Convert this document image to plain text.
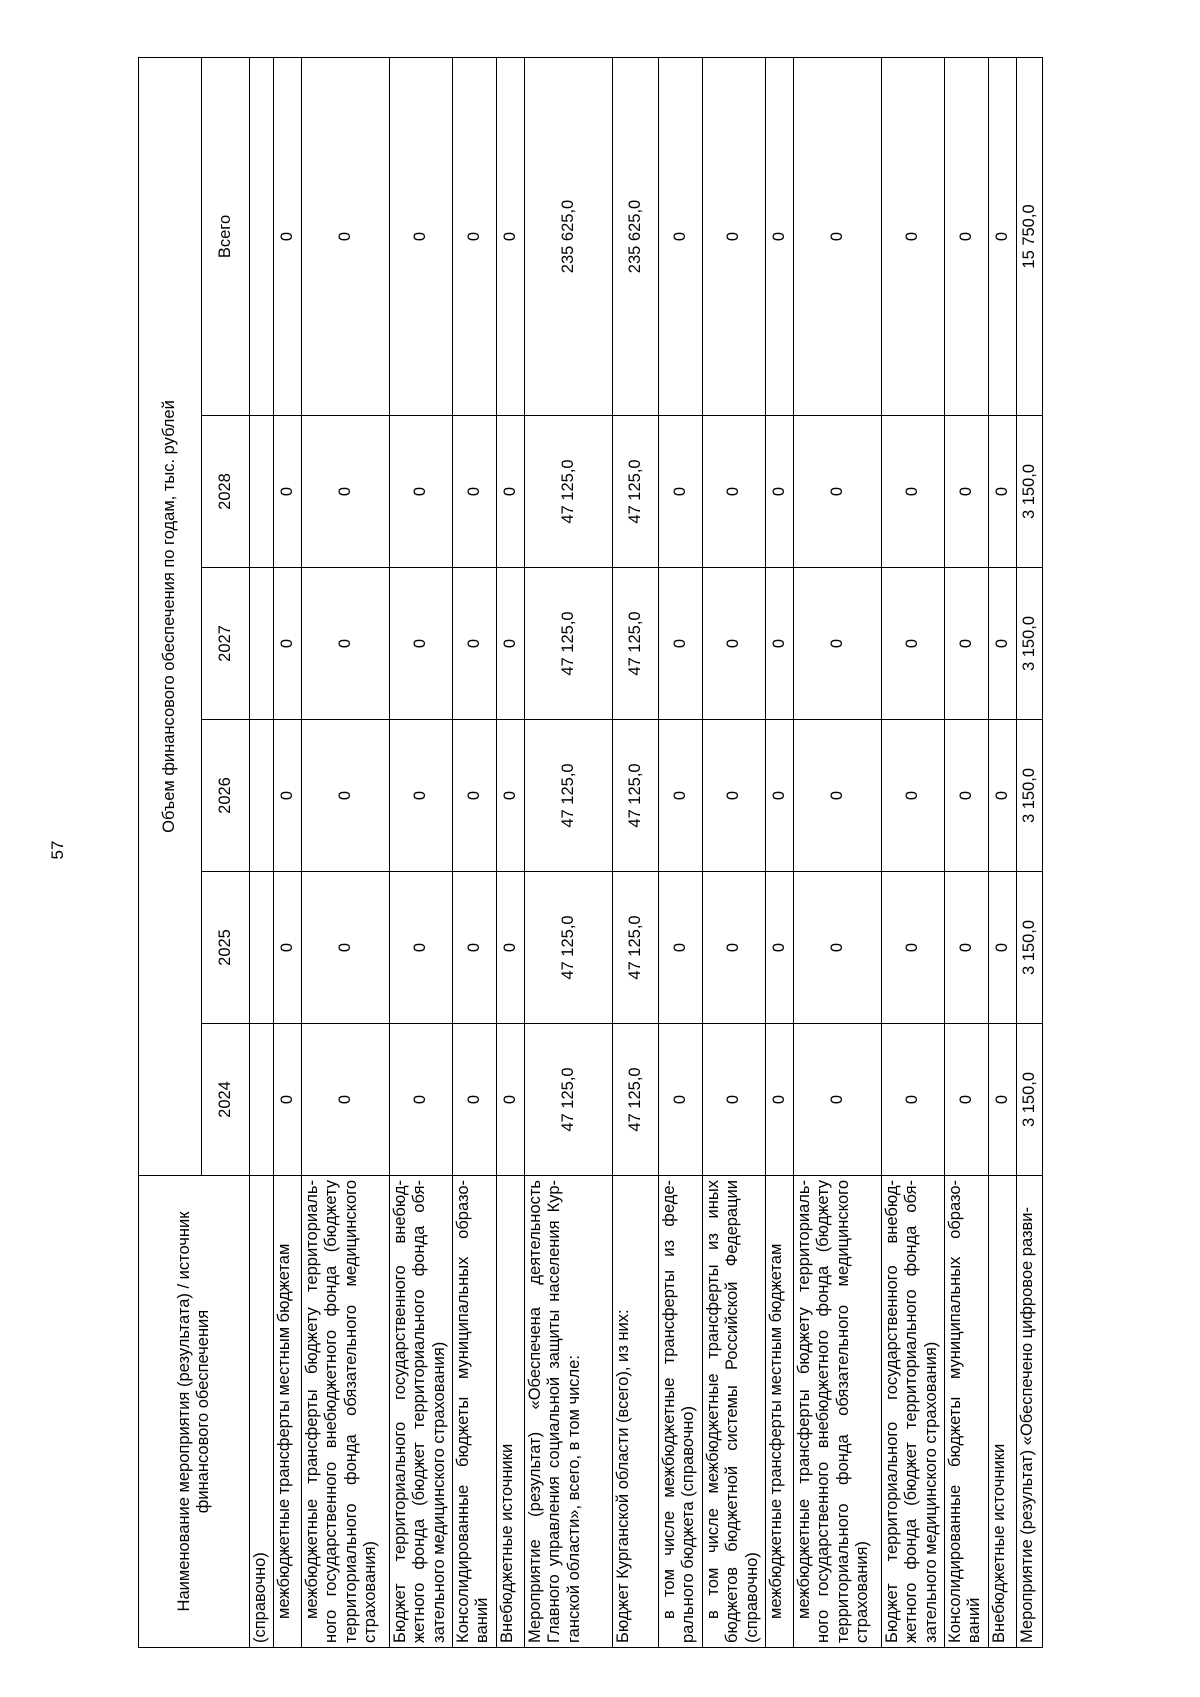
57
Наименование мероприятия (результата) / источник финансового обеспечения	Объем финансового обеспечения по годам, тыс. рублей					
	2024	2025	2026	2027	2028	Всего
(справочно)						
межбюджетные трансферты местным бюджетам	0	0	0	0	0	0
межбюджетные трансферты бюджету территориаль-ного государственного внебюджетного фонда (бюджету территориального фонда обязательного медицинского страхования)	0	0	0	0	0	0
Бюджет территориального государственного внебюд-жетного фонда (бюджет территориального фонда обя-зательного медицинского страхования)	0	0	0	0	0	0
Консолидированные бюджеты муниципальных образо-ваний	0	0	0	0	0	0
Внебюджетные источники	0	0	0	0	0	0
Мероприятие (результат) «Обеспечена деятельность Главного управления социальной защиты населения Кур-ганской области», всего, в том числе:	47 125,0	47 125,0	47 125,0	47 125,0	47 125,0	235 625,0
Бюджет Курганской области (всего), из них:	47 125,0	47 125,0	47 125,0	47 125,0	47 125,0	235 625,0
в том числе межбюджетные трансферты из феде-рального бюджета (справочно)	0	0	0	0	0	0
в том числе межбюджетные трансферты из иных бюджетов бюджетной системы Российской Федерации (справочно)	0	0	0	0	0	0
межбюджетные трансферты местным бюджетам	0	0	0	0	0	0
межбюджетные трансферты бюджету территориаль-ного государственного внебюджетного фонда (бюджету территориального фонда обязательного медицинского страхования)	0	0	0	0	0	0
Бюджет территориального государственного внебюд-жетного фонда (бюджет территориального фонда обя-зательного медицинского страхования)	0	0	0	0	0	0
Консолидированные бюджеты муниципальных образо-ваний	0	0	0	0	0	0
Внебюджетные источники	0	0	0	0	0	0
Мероприятие (результат) «Обеспечено цифровое разви-	3 150,0	3 150,0	3 150,0	3 150,0	3 150,0	15 750,0
